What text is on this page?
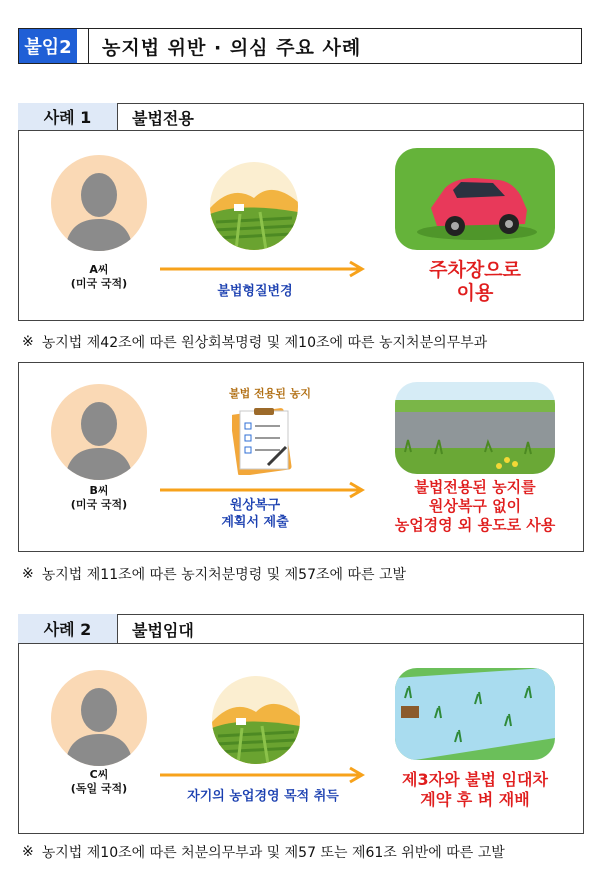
붙임2 농지법 위반 · 의심 주요 사례
사례 1	불법전용
A씨
(미국 국적)
불법형질변경
주차장으로
이용
※ 농지법 제42조에 따른 원상회복명령 및 제10조에 따른 농지처분의무부과
B씨
(미국 국적)
불법 전용된 농지
원상복구
계획서 제출
불법전용된 농지를
원상복구 없이
농업경영 외 용도로 사용
※ 농지법 제11조에 따른 농지처분명령 및 제57조에 따른 고발
사례 2	불법임대
C씨
(독일 국적)
자기의 농업경영 목적 취득
제3자와 불법 임대차
계약 후 벼 재배
※ 농지법 제10조에 따른 처분의무부과 및 제57 또는 제61조 위반에 따른 고발
